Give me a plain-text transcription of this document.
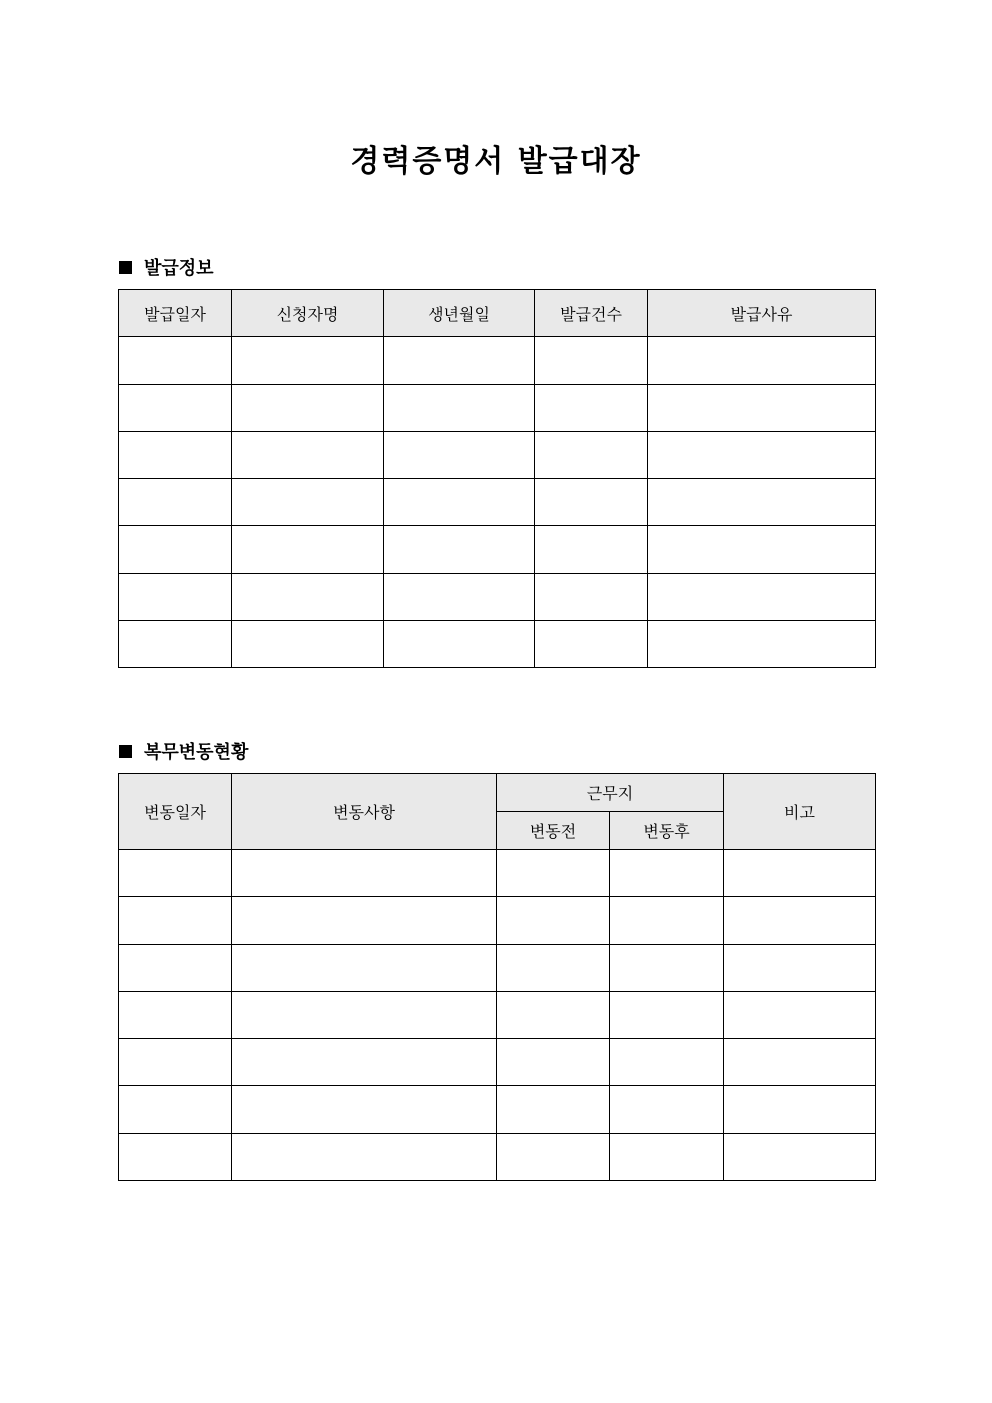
경력증명서 발급대장
발급정보
발급일자	신청자명	생년월일	발급건수	발급사유

복무변동현황
변동일자	변동사항	근무지		비고
		변동전	변동후	
